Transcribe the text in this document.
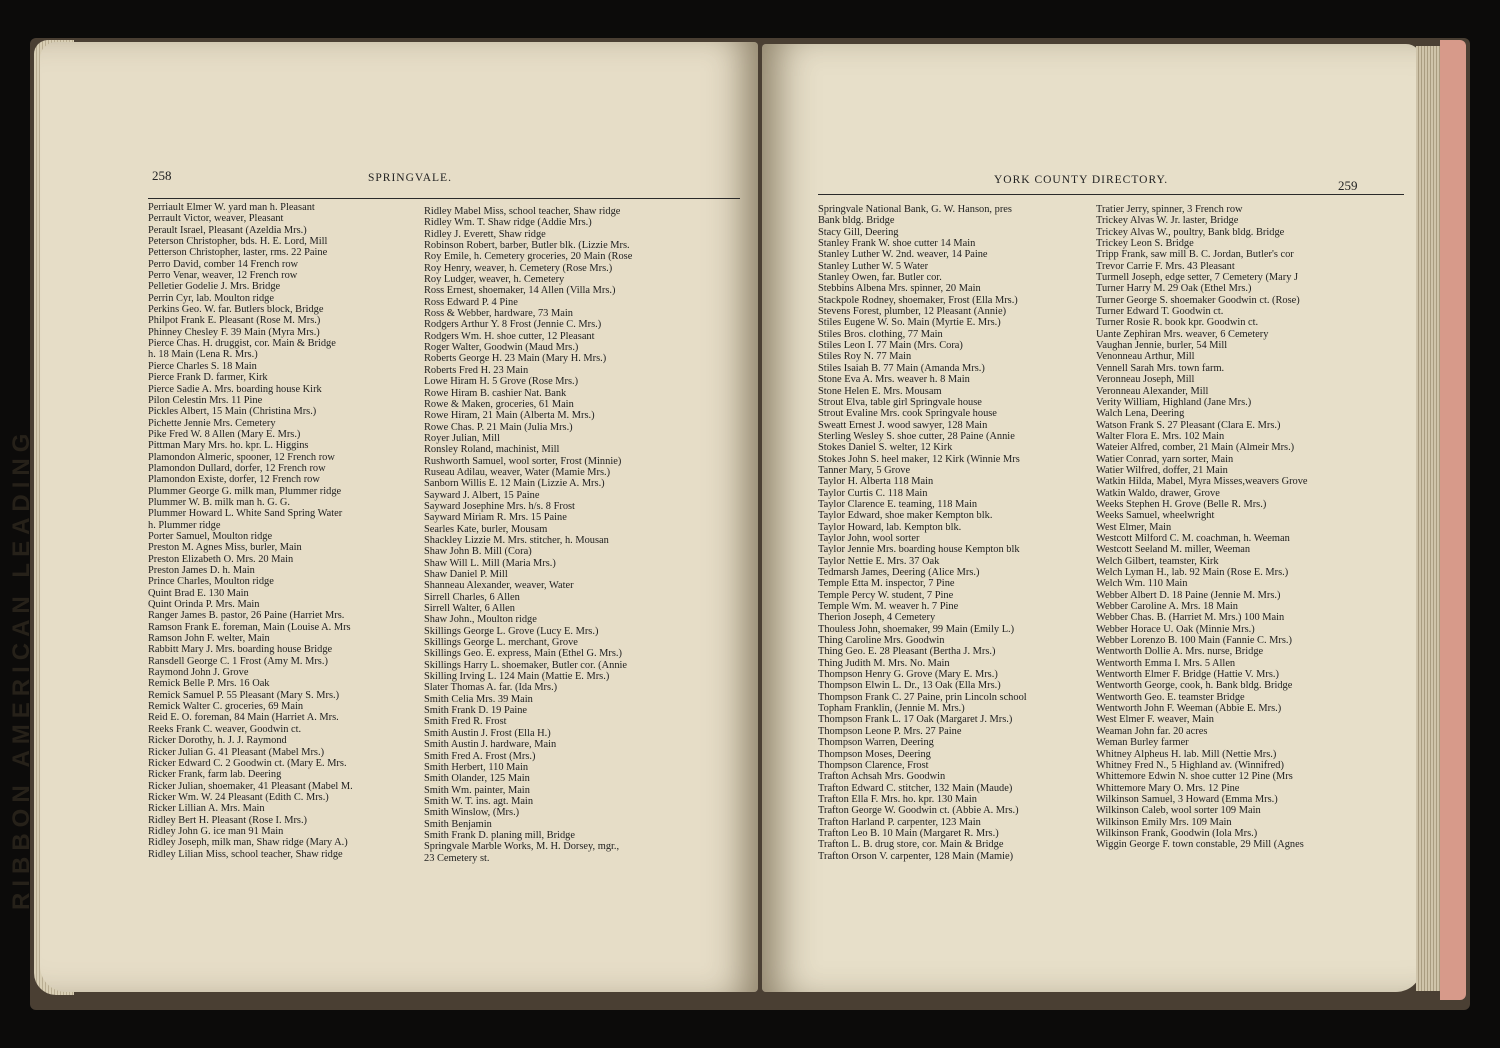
RIBBON AMERICAN LEADING
258	SPRINGVALE.
Perriault Elmer W. yard man h. Pleasant
Perrault Victor, weaver, Pleasant
Perault Israel, Pleasant (Azeldia Mrs.)
Peterson Christopher, bds. H. E. Lord, Mill
Petterson Christopher, laster, rms. 22 Paine
Perro David, comber 14 French row
Perro Venar, weaver, 12 French row
Pelletier Godelie J. Mrs. Bridge
Perrin Cyr, lab. Moulton ridge
Perkins Geo. W. far. Butlers block, Bridge
Philpot Frank E. Pleasant (Rose M. Mrs.)
Phinney Chesley F. 39 Main (Myra Mrs.)
Pierce Chas. H. druggist, cor. Main & Bridge
h. 18 Main (Lena R. Mrs.)
Pierce Charles S. 18 Main
Pierce Frank D. farmer, Kirk
Pierce Sadie A. Mrs. boarding house Kirk
Pilon Celestin Mrs. 11 Pine
Pickles Albert, 15 Main (Christina Mrs.)
Pichette Jennie Mrs. Cemetery
Pike Fred W. 8 Allen (Mary E. Mrs.)
Pittman Mary Mrs. ho. kpr. L. Higgins
Plamondon Almeric, spooner, 12 French row
Plamondon Dullard, dorfer, 12 French row
Plamondon Existe, dorfer, 12 French row
Plummer George G. milk man, Plummer ridge
Plummer W. B. milk man h. G. G.
Plummer Howard L. White Sand Spring Water
h. Plummer ridge
Porter Samuel, Moulton ridge
Preston M. Agnes Miss, burler, Main
Preston Elizabeth O. Mrs. 20 Main
Preston James D. h. Main
Prince Charles, Moulton ridge
Quint Brad E. 130 Main
Quint Orinda P. Mrs. Main
Ranger James B. pastor, 26 Paine (Harriet Mrs.
Ramson Frank E. foreman, Main (Louise A. Mrs
Ramson John F. welter, Main
Rabbitt Mary J. Mrs. boarding house Bridge
Ransdell George C. 1 Frost (Amy M. Mrs.)
Raymond John J. Grove
Remick Belle P. Mrs. 16 Oak
Remick Samuel P. 55 Pleasant (Mary S. Mrs.)
Remick Walter C. groceries, 69 Main
Reid E. O. foreman, 84 Main (Harriet A. Mrs.
Reeks Frank C. weaver, Goodwin ct.
Ricker Dorothy, h. J. J. Raymond
Ricker Julian G. 41 Pleasant (Mabel Mrs.)
Ricker Edward C. 2 Goodwin ct. (Mary E. Mrs.
Ricker Frank, farm lab. Deering
Ricker Julian, shoemaker, 41 Pleasant (Mabel M.
Ricker Wm. W. 24 Pleasant (Edith C. Mrs.)
Ricker Lillian A. Mrs. Main
Ridley Bert H. Pleasant (Rose I. Mrs.)
Ridley John G. ice man 91 Main
Ridley Joseph, milk man, Shaw ridge (Mary A.)
Ridley Lilian Miss, school teacher, Shaw ridge
Ridley Mabel Miss, school teacher, Shaw ridge
Ridley Wm. T. Shaw ridge (Addie Mrs.)
Ridley J. Everett, Shaw ridge
Robinson Robert, barber, Butler blk. (Lizzie Mrs.
Roy Emile, h. Cemetery groceries, 20 Main (Rose
Roy Henry, weaver, h. Cemetery (Rose Mrs.)
Roy Ludger, weaver, h. Cemetery
Ross Ernest, shoemaker, 14 Allen (Villa Mrs.)
Ross Edward P. 4 Pine
Ross & Webber, hardware, 73 Main
Rodgers Arthur Y. 8 Frost (Jennie C. Mrs.)
Rodgers Wm. H. shoe cutter, 12 Pleasant
Roger Walter, Goodwin (Maud Mrs.)
Roberts George H. 23 Main (Mary H. Mrs.)
Roberts Fred H. 23 Main
Lowe Hiram H. 5 Grove (Rose Mrs.)
Rowe Hiram B. cashier Nat. Bank
Rowe & Maken, groceries, 61 Main
Rowe Hiram, 21 Main (Alberta M. Mrs.)
Rowe Chas. P. 21 Main (Julia Mrs.)
Royer Julian, Mill
Ronsley Roland, machinist, Mill
Rushworth Samuel, wool sorter, Frost (Minnie)
Ruseau Adilau, weaver, Water (Mamie Mrs.)
Sanborn Willis E. 12 Main (Lizzie A. Mrs.)
Sayward J. Albert, 15 Paine
Sayward Josephine Mrs. h/s. 8 Frost
Sayward Miriam R. Mrs. 15 Paine
Searles Kate, burler, Mousam
Shackley Lizzie M. Mrs. stitcher, h. Mousan
Shaw John B. Mill (Cora)
Shaw Will L. Mill (Maria Mrs.)
Shaw Daniel P. Mill
Shanneau Alexander, weaver, Water
Sirrell Charles, 6 Allen
Sirrell Walter, 6 Allen
Shaw John., Moulton ridge
Skillings George L. Grove (Lucy E. Mrs.)
Skillings George L. merchant, Grove
Skillings Geo. E. express, Main (Ethel G. Mrs.)
Skillings Harry L. shoemaker, Butler cor. (Annie
Skilling Irving L. 124 Main (Mattie E. Mrs.)
Slater Thomas A. far. (Ida Mrs.)
Smith Celia Mrs. 39 Main
Smith Frank D. 19 Paine
Smith Fred R. Frost
Smith Austin J. Frost (Ella H.)
Smith Austin J. hardware, Main
Smith Fred A. Frost (Mrs.)
Smith Herbert, 110 Main
Smith Olander, 125 Main
Smith Wm. painter, Main
Smith W. T. ins. agt. Main
Smith Winslow, (Mrs.)
Smith Benjamin
Smith Frank D. planing mill, Bridge
Springvale Marble Works, M. H. Dorsey, mgr.,
23 Cemetery st.
YORK COUNTY DIRECTORY.	259
Springvale National Bank, G. W. Hanson, pres
Bank bldg. Bridge
Stacy Gill, Deering
Stanley Frank W. shoe cutter 14 Main
Stanley Luther W. 2nd. weaver, 14 Paine
Stanley Luther W. 5 Water
Stanley Owen, far. Butler cor.
Stebbins Albena Mrs. spinner, 20 Main
Stackpole Rodney, shoemaker, Frost (Ella Mrs.)
Stevens Forest, plumber, 12 Pleasant (Annie)
Stiles Eugene W. So. Main (Myrtie E. Mrs.)
Stiles Bros. clothing, 77 Main
Stiles Leon I. 77 Main (Mrs. Cora)
Stiles Roy N. 77 Main
Stiles Isaiah B. 77 Main (Amanda Mrs.)
Stone Eva A. Mrs. weaver h. 8 Main
Stone Helen E. Mrs. Mousam
Strout Elva, table girl Springvale house
Strout Evaline Mrs. cook Springvale house
Sweatt Ernest J. wood sawyer, 128 Main
Sterling Wesley S. shoe cutter, 28 Paine (Annie
Stokes Daniel S. welter, 12 Kirk
Stokes John S. heel maker, 12 Kirk (Winnie Mrs
Tanner Mary, 5 Grove
Taylor H. Alberta 118 Main
Taylor Curtis C. 118 Main
Taylor Clarence E. teaming, 118 Main
Taylor Edward, shoe maker Kempton blk.
Taylor Howard, lab. Kempton blk.
Taylor John, wool sorter
Taylor Jennie Mrs. boarding house Kempton blk
Taylor Nettie E. Mrs. 37 Oak
Tedmarsh James, Deering (Alice Mrs.)
Temple Etta M. inspector, 7 Pine
Temple Percy W. student, 7 Pine
Temple Wm. M. weaver h. 7 Pine
Therion Joseph, 4 Cemetery
Thouless John, shoemaker, 99 Main (Emily L.)
Thing Caroline Mrs. Goodwin
Thing Geo. E. 28 Pleasant (Bertha J. Mrs.)
Thing Judith M. Mrs. No. Main
Thompson Henry G. Grove (Mary E. Mrs.)
Thompson Elwin L. Dr., 13 Oak (Ella Mrs.)
Thompson Frank C. 27 Paine, prin Lincoln school
Topham Franklin, (Jennie M. Mrs.)
Thompson Frank L. 17 Oak (Margaret J. Mrs.)
Thompson Leone P. Mrs. 27 Paine
Thompson Warren, Deering
Thompson Moses, Deering
Thompson Clarence, Frost
Trafton Achsah Mrs. Goodwin
Trafton Edward C. stitcher, 132 Main (Maude)
Trafton Ella F. Mrs. ho. kpr. 130 Main
Trafton George W. Goodwin ct. (Abbie A. Mrs.)
Trafton Harland P. carpenter, 123 Main
Trafton Leo B. 10 Main (Margaret R. Mrs.)
Trafton L. B. drug store, cor. Main & Bridge
Trafton Orson V. carpenter, 128 Main (Mamie)
Tratier Jerry, spinner, 3 French row
Trickey Alvas W. Jr. laster, Bridge
Trickey Alvas W., poultry, Bank bldg. Bridge
Trickey Leon S. Bridge
Tripp Frank, saw mill B. C. Jordan, Butler's cor
Trevor Carrie F. Mrs. 43 Pleasant
Turmell Joseph, edge setter, 7 Cemetery (Mary J
Turner Harry M. 29 Oak (Ethel Mrs.)
Turner George S. shoemaker Goodwin ct. (Rose)
Turner Edward T. Goodwin ct.
Turner Rosie R. book kpr. Goodwin ct.
Uante Zephiran Mrs. weaver, 6 Cemetery
Vaughan Jennie, burler, 54 Mill
Venonneau Arthur, Mill
Vennell Sarah Mrs. town farm.
Veronneau Joseph, Mill
Veronneau Alexander, Mill
Verity William, Highland (Jane Mrs.)
Walch Lena, Deering
Watson Frank S. 27 Pleasant (Clara E. Mrs.)
Walter Flora E. Mrs. 102 Main
Wateier Alfred, comber, 21 Main (Almeir Mrs.)
Watier Conrad, yarn sorter, Main
Watier Wilfred, doffer, 21 Main
Watkin Hilda, Mabel, Myra Misses,weavers Grove
Watkin Waldo, drawer, Grove
Weeks Stephen H. Grove (Belle R. Mrs.)
Weeks Samuel, wheelwright
West Elmer, Main
Westcott Milford C. M. coachman, h. Weeman
Westcott Seeland M. miller, Weeman
Welch Gilbert, teamster, Kirk
Welch Lyman H., lab. 92 Main (Rose E. Mrs.)
Welch Wm. 110 Main
Webber Albert D. 18 Paine (Jennie M. Mrs.)
Webber Caroline A. Mrs. 18 Main
Webber Chas. B. (Harriet M. Mrs.) 100 Main
Webber Horace U. Oak (Minnie Mrs.)
Webber Lorenzo B. 100 Main (Fannie C. Mrs.)
Wentworth Dollie A. Mrs. nurse, Bridge
Wentworth Emma I. Mrs. 5 Allen
Wentworth Elmer F. Bridge (Hattie V. Mrs.)
Wentworth George, cook, h. Bank bldg. Bridge
Wentworth Geo. E. teamster Bridge
Wentworth John F. Weeman (Abbie E. Mrs.)
West Elmer F. weaver, Main
Weaman John far. 20 acres
Weman Burley farmer
Whitney Alpheus H. lab. Mill (Nettie Mrs.)
Whitney Fred N., 5 Highland av. (Winnifred)
Whittemore Edwin N. shoe cutter 12 Pine (Mrs
Whittemore Mary O. Mrs. 12 Pine
Wilkinson Samuel, 3 Howard (Emma Mrs.)
Wilkinson Caleb, wool sorter 109 Main
Wilkinson Emily Mrs. 109 Main
Wilkinson Frank, Goodwin (Iola Mrs.)
Wiggin George F. town constable, 29 Mill (Agnes
